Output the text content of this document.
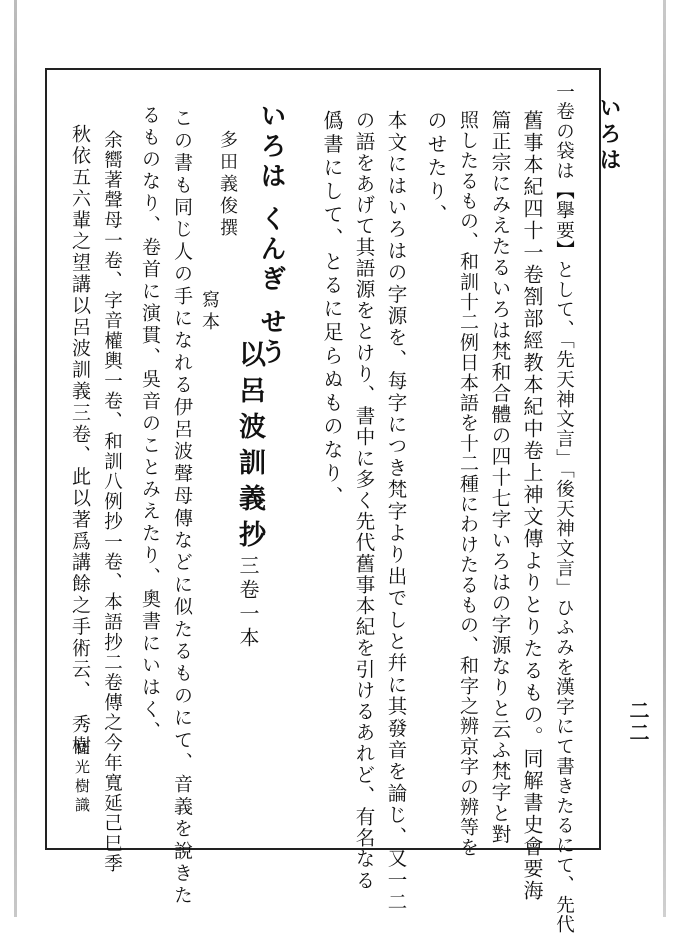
いろは
二二
一卷の袋は【擧要】として、「先天神文言」「後天神文言」ひふみを漢字にて書きたるにて、先代
舊事本紀四十一卷劄部經教本紀中卷上神文傳よりとりたるもの。同解書史會要海
篇正宗にみえたるいろは梵和合體の四十七字いろはの字源なりと云ふ梵字と對
照したるもの、和訓十二例日本語を十二種にわけたるもの、和字之辨京字の辨等を
のせたり、
本文にはいろはの字源を、每字につき梵字より出でしと幷に其發音を論じ、又一二
の語をあげて其語源をとけり、書中に多く先代舊事本紀を引けるあれど、有名なる
僞書にして、とるに足らぬものなり、
いろは くんぎ せう
以呂波訓義抄
三卷一本
多田義俊撰
寫本
この書も同じ人の手になれる伊呂波聲母傳などに似たるものにて、音義を說きた
るものなり、卷首に演貫、吳音のことみえたり、奧書にいはく、
余嚮著聲母一卷、字音權輿一卷、和訓八例抄一卷、本語抄二卷傳之今年寬延己巳季
秋依五六輩之望講以呂波訓義三卷、此以著爲講餘之手術云、　秀樹
桂光樹識
